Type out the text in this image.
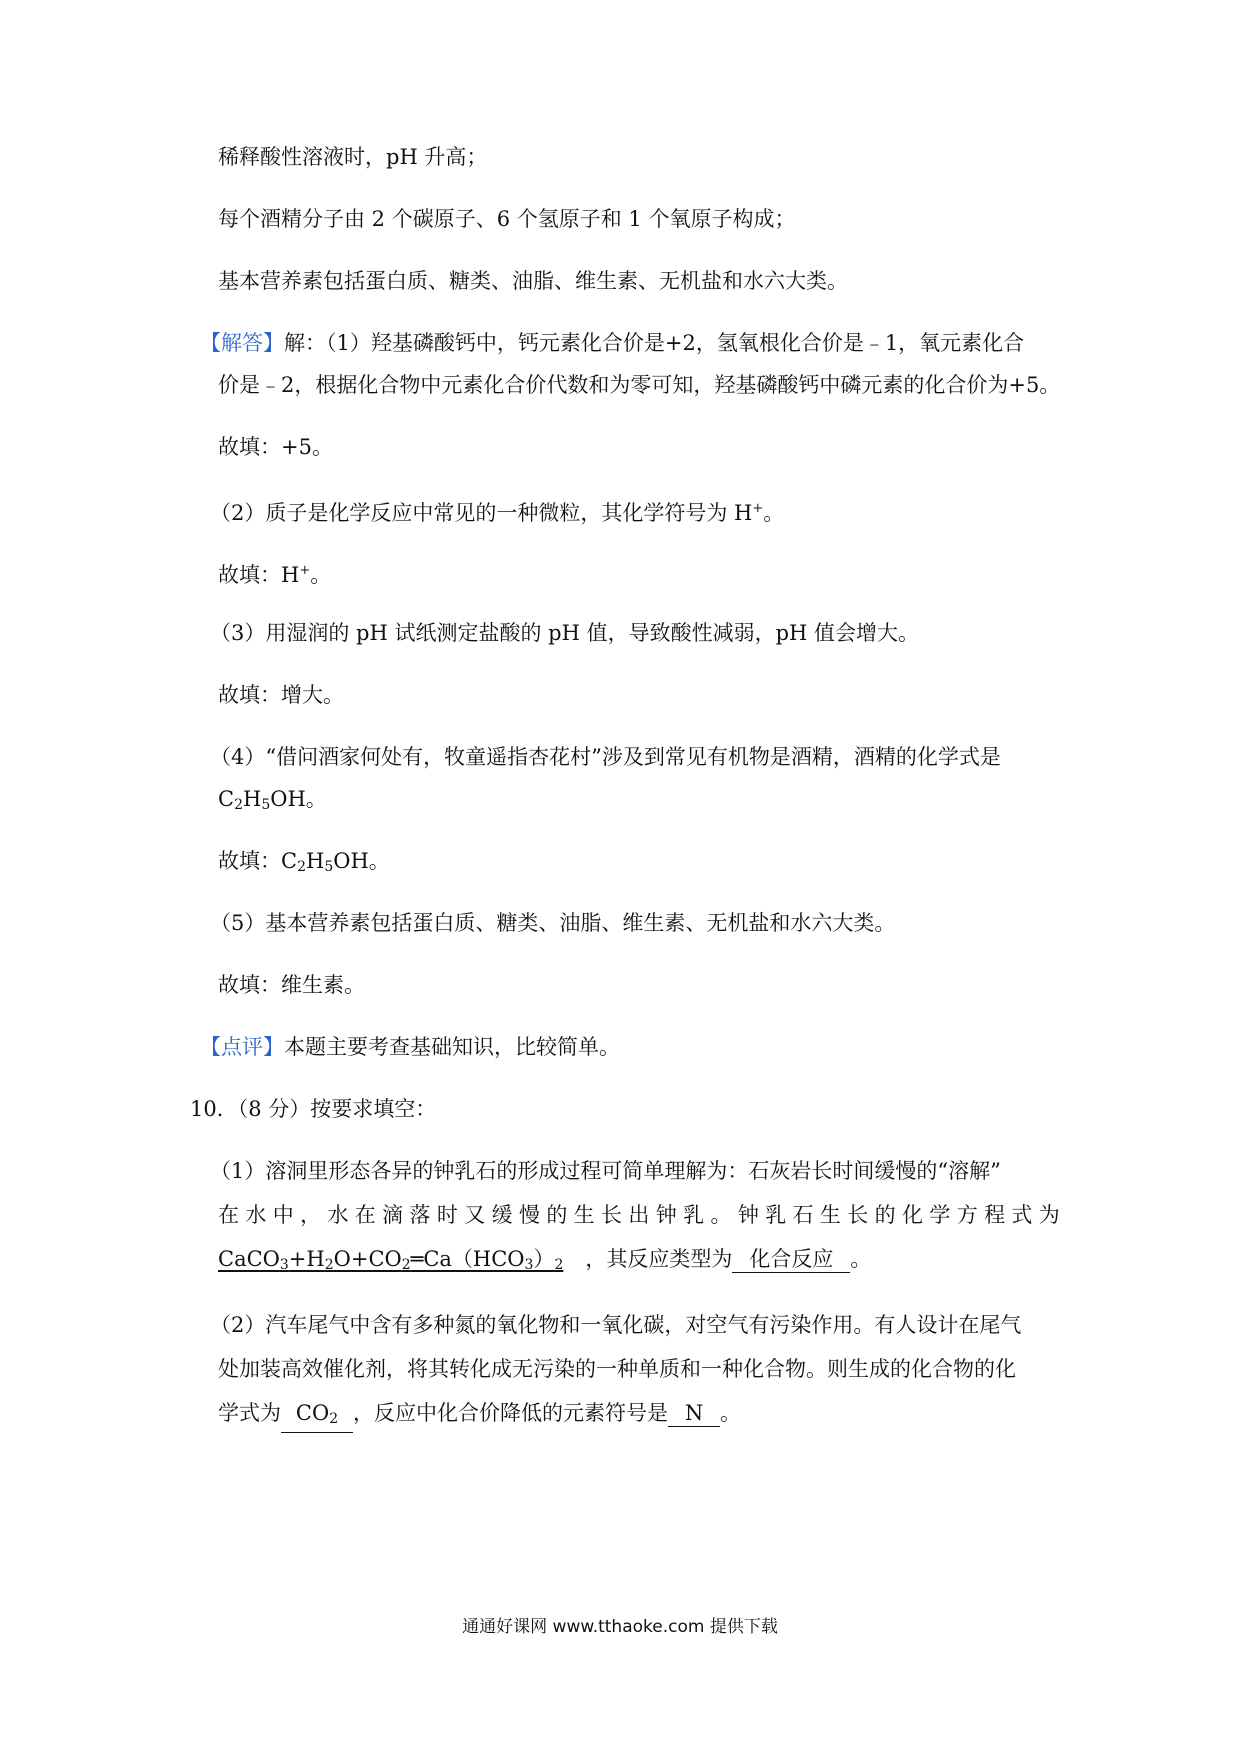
稀释酸性溶液时，pH 升高；
每个酒精分子由 2 个碳原子、6 个氢原子和 1 个氧原子构成；
基本营养素包括蛋白质、糖类、油脂、维生素、无机盐和水六大类。
【解答】解：（1）羟基磷酸钙中，钙元素化合价是+2，氢氧根化合价是﹣1，氧元素化合
价是﹣2，根据化合物中元素化合价代数和为零可知，羟基磷酸钙中磷元素的化合价为+5。
故填：+5。
（2）质子是化学反应中常见的一种微粒，其化学符号为 H+。
故填：H+。
（3）用湿润的 pH 试纸测定盐酸的 pH 值，导致酸性减弱，pH 值会增大。
故填：增大。
（4）“借问酒家何处有，牧童遥指杏花村”涉及到常见有机物是酒精，酒精的化学式是
$C_2H_5OH$。
故填：$C_2H_5OH$。
（5）基本营养素包括蛋白质、糖类、油脂、维生素、无机盐和水六大类。
故填：维生素。
【点评】本题主要考查基础知识，比较简单。
10．（8 分）按要求填空：
（1）溶洞里形态各异的钟乳石的形成过程可简单理解为：石灰岩长时间缓慢的“溶解”
在 水 中 ， 水 在 滴 落 时 又 缓 慢 的 生 长 出 钟 乳 。 钟 乳 石 生 长 的 化 学 方 程 式 为
$CaCO_3+H_2O+CO_2═Ca(HCO_3)_2$ ，其反应类型为 化合反应 。
（2）汽车尾气中含有多种氮的氧化物和一氧化碳，对空气有污染作用。有人设计在尾气
处加装高效催化剂，将其转化成无污染的一种单质和一种化合物。则生成的化合物的化
学式为 $CO_2$ ，反应中化合价降低的元素符号是 N 。
通通好课网 www.tthaoke.com 提供下载
